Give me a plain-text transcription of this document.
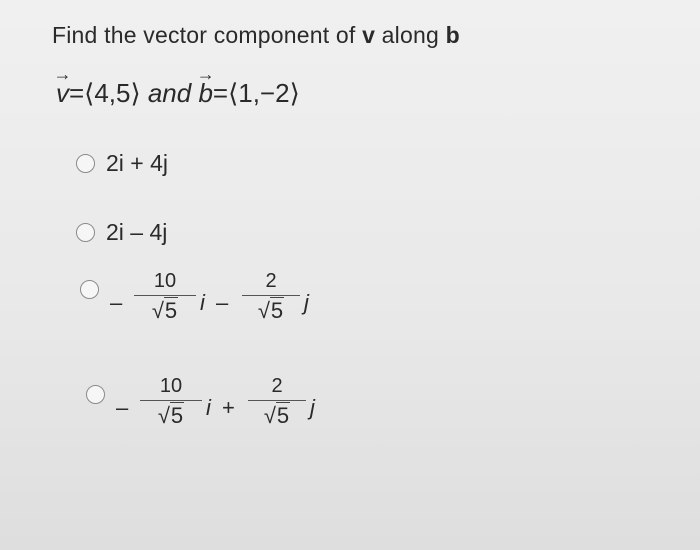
Find the vector component of v along b
→
v=⟨4,5⟩ and
→
b=⟨1,−2⟩
2i + 4j
2i – 4j
–
10
√5	i –
2
√5 j
–
10
√5	i +
2
√5 j
